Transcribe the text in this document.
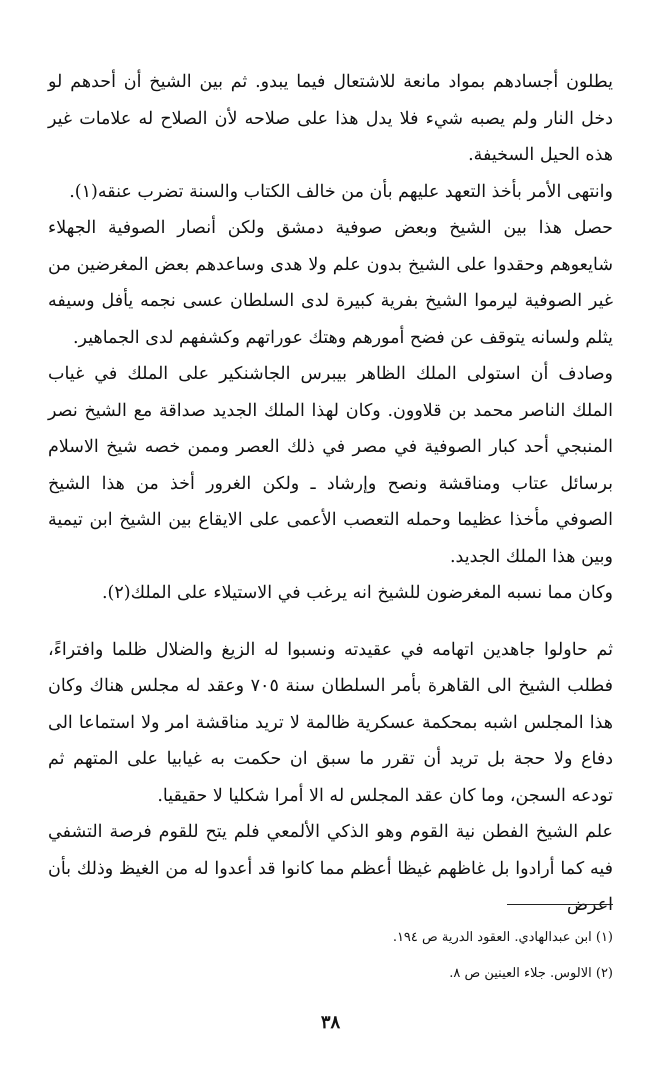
يطلون أجسادهم بمواد مانعة للاشتعال فيما يبدو. ثم بين الشيخ أن أحدهم لو دخل النار ولم يصبه شيء فلا يدل هذا على صلاحه لأن الصلاح له علامات غير هذه الحيل السخيفة.

وانتهى الأمر بأخذ التعهد عليهم بأن من خالف الكتاب والسنة تضرب عنقه(١).

حصل هذا بين الشيخ وبعض صوفية دمشق ولكن أنصار الصوفية الجهلاء شايعوهم وحقدوا على الشيخ بدون علم ولا هدى وساعدهم بعض المغرضين من غير الصوفية ليرموا الشيخ بفرية كبيرة لدى السلطان عسى نجمه يأفل وسيفه يثلم ولسانه يتوقف عن فضح أمورهم وهتك عوراتهم وكشفهم لدى الجماهير.

وصادف أن استولى الملك الظاهر بيبرس الجاشنكير على الملك في غياب الملك الناصر محمد بن قلاوون. وكان لهذا الملك الجديد صداقة مع الشيخ نصر المنبجي أحد كبار الصوفية في مصر في ذلك العصر وممن خصه شيخ الاسلام برسائل عتاب ومناقشة ونصح وإرشاد ـ ولكن الغرور أخذ من هذا الشيخ الصوفي مأخذا عظيما وحمله التعصب الأعمى على الايقاع بين الشيخ ابن تيمية وبين هذا الملك الجديد.

وكان مما نسبه المغرضون للشيخ انه يرغب في الاستيلاء على الملك(٢).

ثم حاولوا جاهدين اتهامه في عقيدته ونسبوا له الزيغ والضلال ظلما وافتراءً، فطلب الشيخ الى القاهرة بأمر السلطان سنة ٧٠٥ وعقد له مجلس هناك وكان هذا المجلس اشبه بمحكمة عسكرية ظالمة لا تريد مناقشة امر ولا استماعا الى دفاع ولا حجة بل تريد أن تقرر ما سبق ان حكمت به غيابيا على المتهم ثم تودعه السجن، وما كان عقد المجلس له الا أمرا شكليا لا حقيقيا.

علم الشيخ الفطن نية القوم وهو الذكي الألمعي فلم يتح للقوم فرصة التشفي فيه كما أرادوا بل غاظهم غيظا أعظم مما كانوا قد أعدوا له من الغيظ وذلك بأن اعرض

(١) ابن عبدالهادي. العقود الدرية ص ١٩٤.
(٢) الالوس. جلاء العينين ص ٨.
٣٨
